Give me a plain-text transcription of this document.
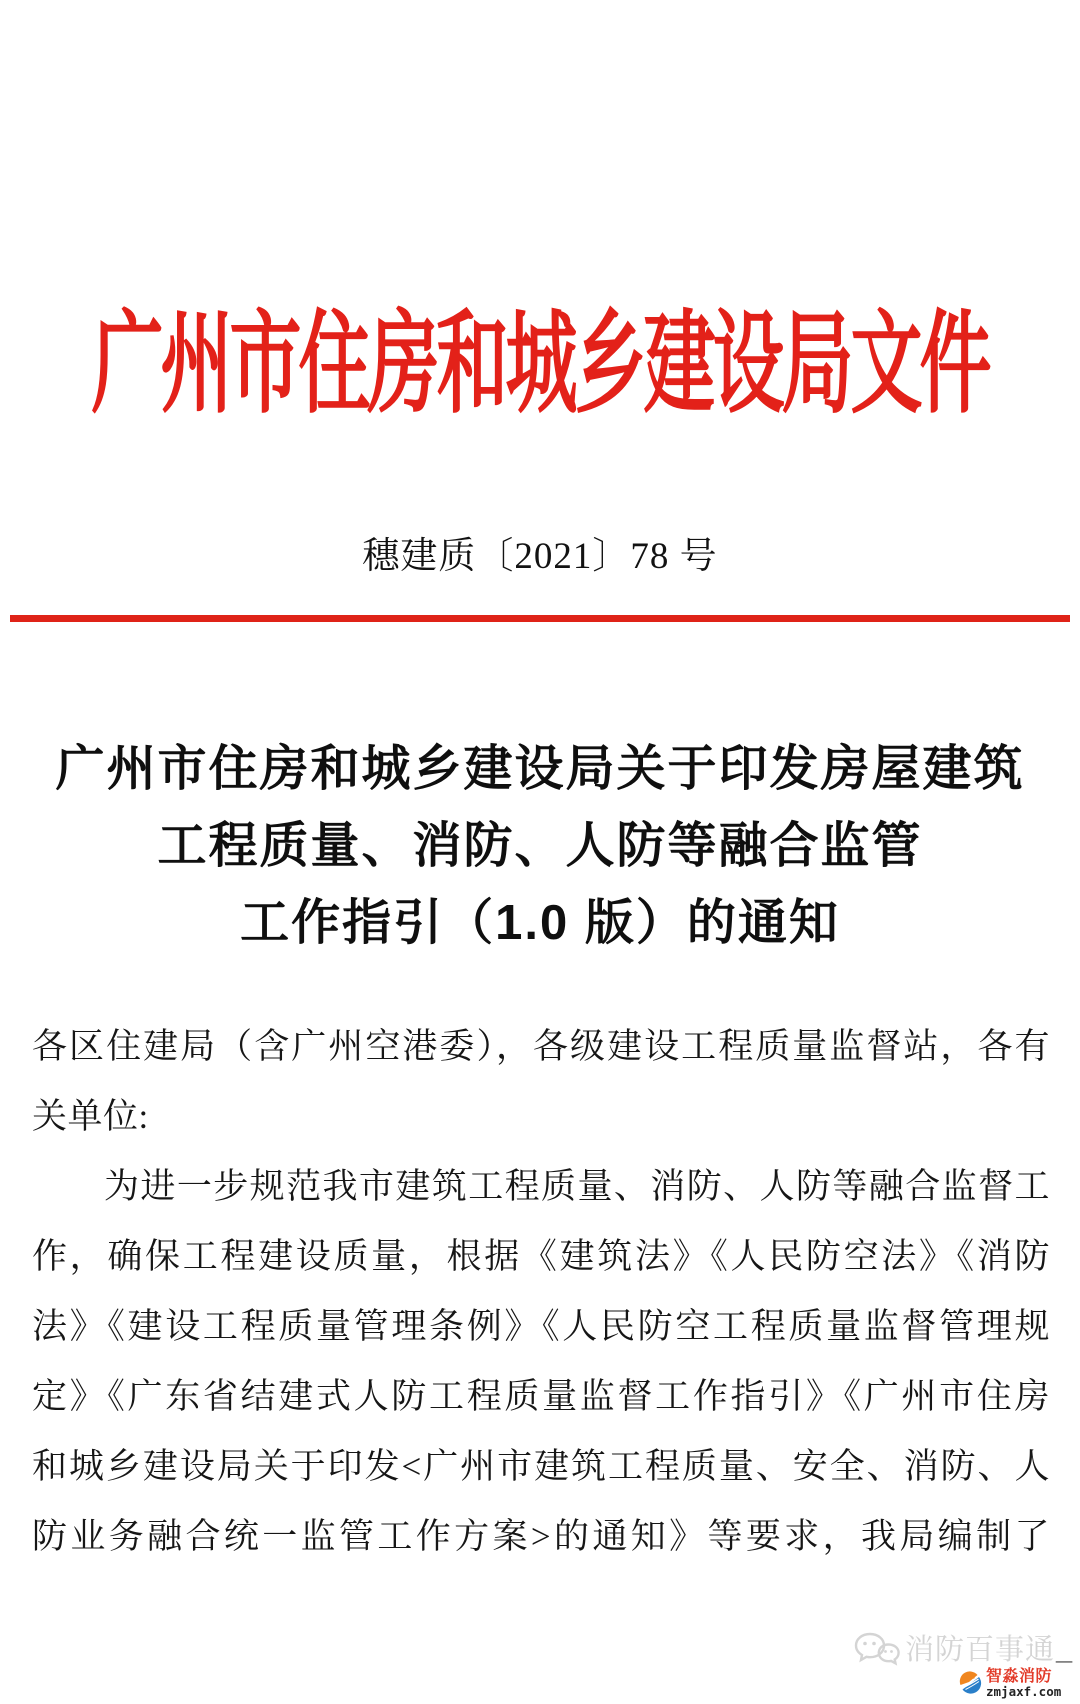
广州市住房和城乡建设局文件
穗建质〔2021〕78 号
广州市住房和城乡建设局关于印发房屋建筑
工程质量、消防、人防等融合监管
工作指引（1.0 版）的通知
各区住建局（含广州空港委），各级建设工程质量监督站，各有
关单位:
为进一步规范我市建筑工程质量、消防、人防等融合监督工
作，确保工程建设质量，根据《建筑法》《人民防空法》《消防
法》《建设工程质量管理条例》《人民防空工程质量监督管理规
定》《广东省结建式人防工程质量监督工作指引》《广州市住房
和城乡建设局关于印发<广州市建筑工程质量、安全、消防、人
防业务融合统一监管工作方案>的通知》等要求，我局编制了
消防百事通 _
智淼消防
zmjaxf.com
